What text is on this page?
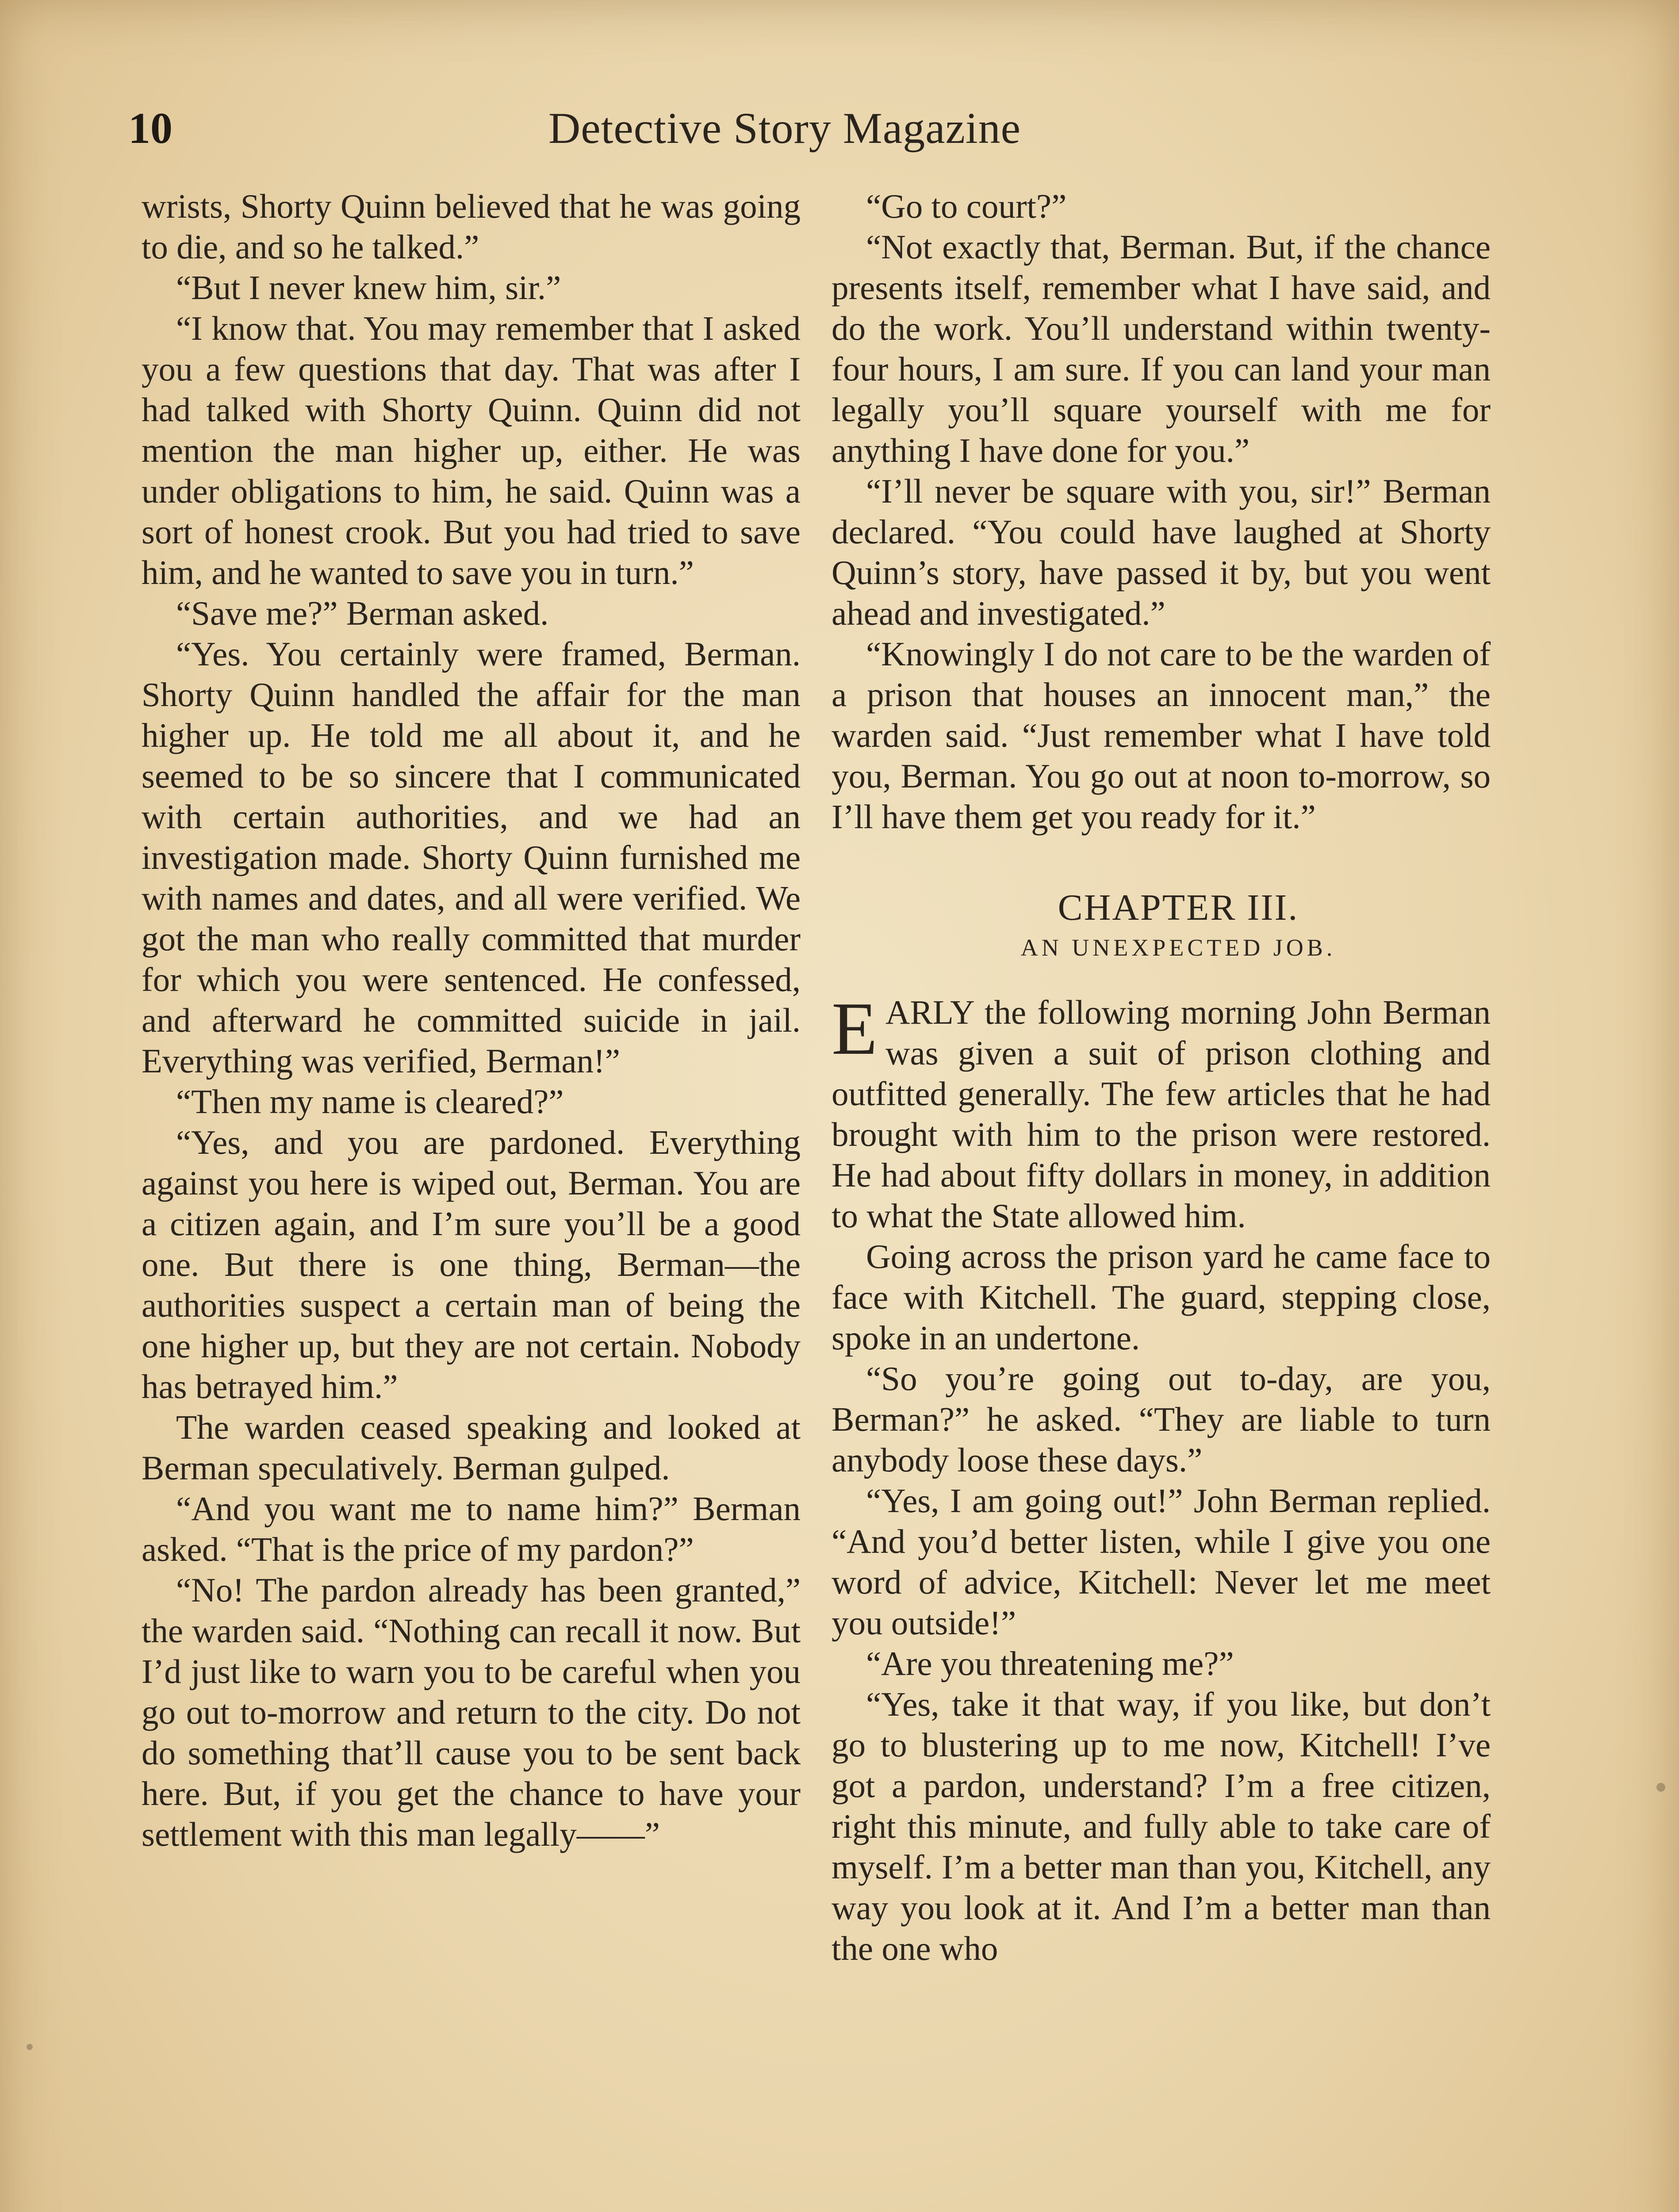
10	Detective Story Magazine

wrists, Shorty Quinn believed that he was going to die, and so he talked.”

“But I never knew him, sir.”

“I know that. You may remember that I asked you a few questions that day. That was after I had talked with Shorty Quinn. Quinn did not mention the man higher up, either. He was under obligations to him, he said. Quinn was a sort of honest crook. But you had tried to save him, and he wanted to save you in turn.”

“Save me?” Berman asked.

“Yes. You certainly were framed, Berman. Shorty Quinn handled the affair for the man higher up. He told me all about it, and he seemed to be so sincere that I communicated with certain authorities, and we had an investigation made. Shorty Quinn furnished me with names and dates, and all were verified. We got the man who really committed that murder for which you were sentenced. He confessed, and afterward he committed suicide in jail. Everything was verified, Berman!”

“Then my name is cleared?”

“Yes, and you are pardoned. Everything against you here is wiped out, Berman. You are a citizen again, and I’m sure you’ll be a good one. But there is one thing, Berman—the authorities suspect a certain man of being the one higher up, but they are not certain. Nobody has betrayed him.”

The warden ceased speaking and looked at Berman speculatively. Berman gulped.

“And you want me to name him?” Berman asked. “That is the price of my pardon?”

“No! The pardon already has been granted,” the warden said. “Nothing can recall it now. But I’d just like to warn you to be careful when you go out to-morrow and return to the city. Do not do something that’ll cause you to be sent back here. But, if you get the chance to have your settlement with this man legally——”

“Go to court?”

“Not exactly that, Berman. But, if the chance presents itself, remember what I have said, and do the work. You’ll understand within twenty-four hours, I am sure. If you can land your man legally you’ll square yourself with me for anything I have done for you.”

“I’ll never be square with you, sir!” Berman declared. “You could have laughed at Shorty Quinn’s story, have passed it by, but you went ahead and investigated.”

“Knowingly I do not care to be the warden of a prison that houses an innocent man,” the warden said. “Just remember what I have told you, Berman. You go out at noon to-morrow, so I’ll have them get you ready for it.”

CHAPTER III.

AN UNEXPECTED JOB.

EARLY the following morning John Berman was given a suit of prison clothing and outfitted generally. The few articles that he had brought with him to the prison were restored. He had about fifty dollars in money, in addition to what the State allowed him.

Going across the prison yard he came face to face with Kitchell. The guard, stepping close, spoke in an undertone.

“So you’re going out to-day, are you, Berman?” he asked. “They are liable to turn anybody loose these days.”

“Yes, I am going out!” John Berman replied. “And you’d better listen, while I give you one word of advice, Kitchell: Never let me meet you outside!”

“Are you threatening me?”

“Yes, take it that way, if you like, but don’t go to blustering up to me now, Kitchell! I’ve got a pardon, understand? I’m a free citizen, right this minute, and fully able to take care of myself. I’m a better man than you, Kitchell, any way you look at it. And I’m a better man than the one who
